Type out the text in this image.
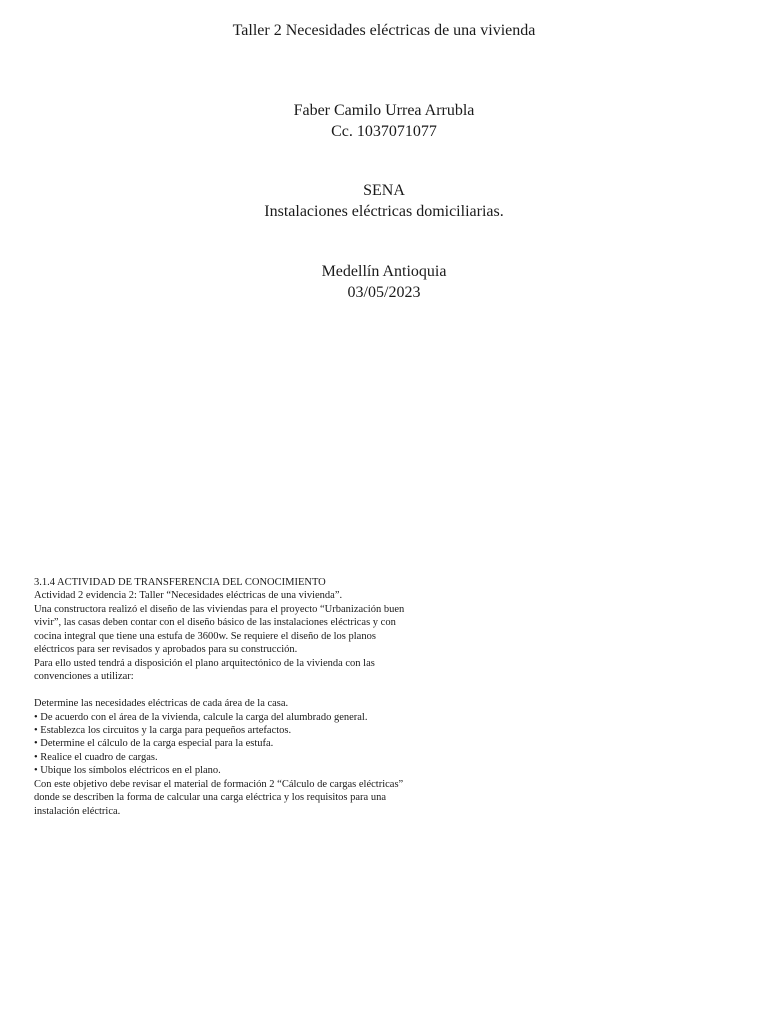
Taller 2 Necesidades eléctricas de una vivienda
Faber Camilo Urrea Arrubla
Cc. 1037071077
SENA
Instalaciones eléctricas domiciliarias.
Medellín Antioquia
03/05/2023
3.1.4 ACTIVIDAD DE TRANSFERENCIA DEL CONOCIMIENTO
Actividad 2 evidencia 2: Taller “Necesidades eléctricas de una vivienda”.
Una constructora realizó el diseño de las viviendas para el proyecto “Urbanización buen
vivir”, las casas deben contar con el diseño básico de las instalaciones eléctricas y con
cocina integral que tiene una estufa de 3600w. Se requiere el diseño de los planos
eléctricos para ser revisados y aprobados para su construcción.
Para ello usted tendrá a disposición el plano arquitectónico de la vivienda con las
convenciones a utilizar:
Determine las necesidades eléctricas de cada área de la casa.
• De acuerdo con el área de la vivienda, calcule la carga del alumbrado general.
• Establezca los circuitos y la carga para pequeños artefactos.
• Determine el cálculo de la carga especial para la estufa.
• Realice el cuadro de cargas.
• Ubique los símbolos eléctricos en el plano.
Con este objetivo debe revisar el material de formación 2 “Cálculo de cargas eléctricas”
donde se describen la forma de calcular una carga eléctrica y los requisitos para una
instalación eléctrica.
